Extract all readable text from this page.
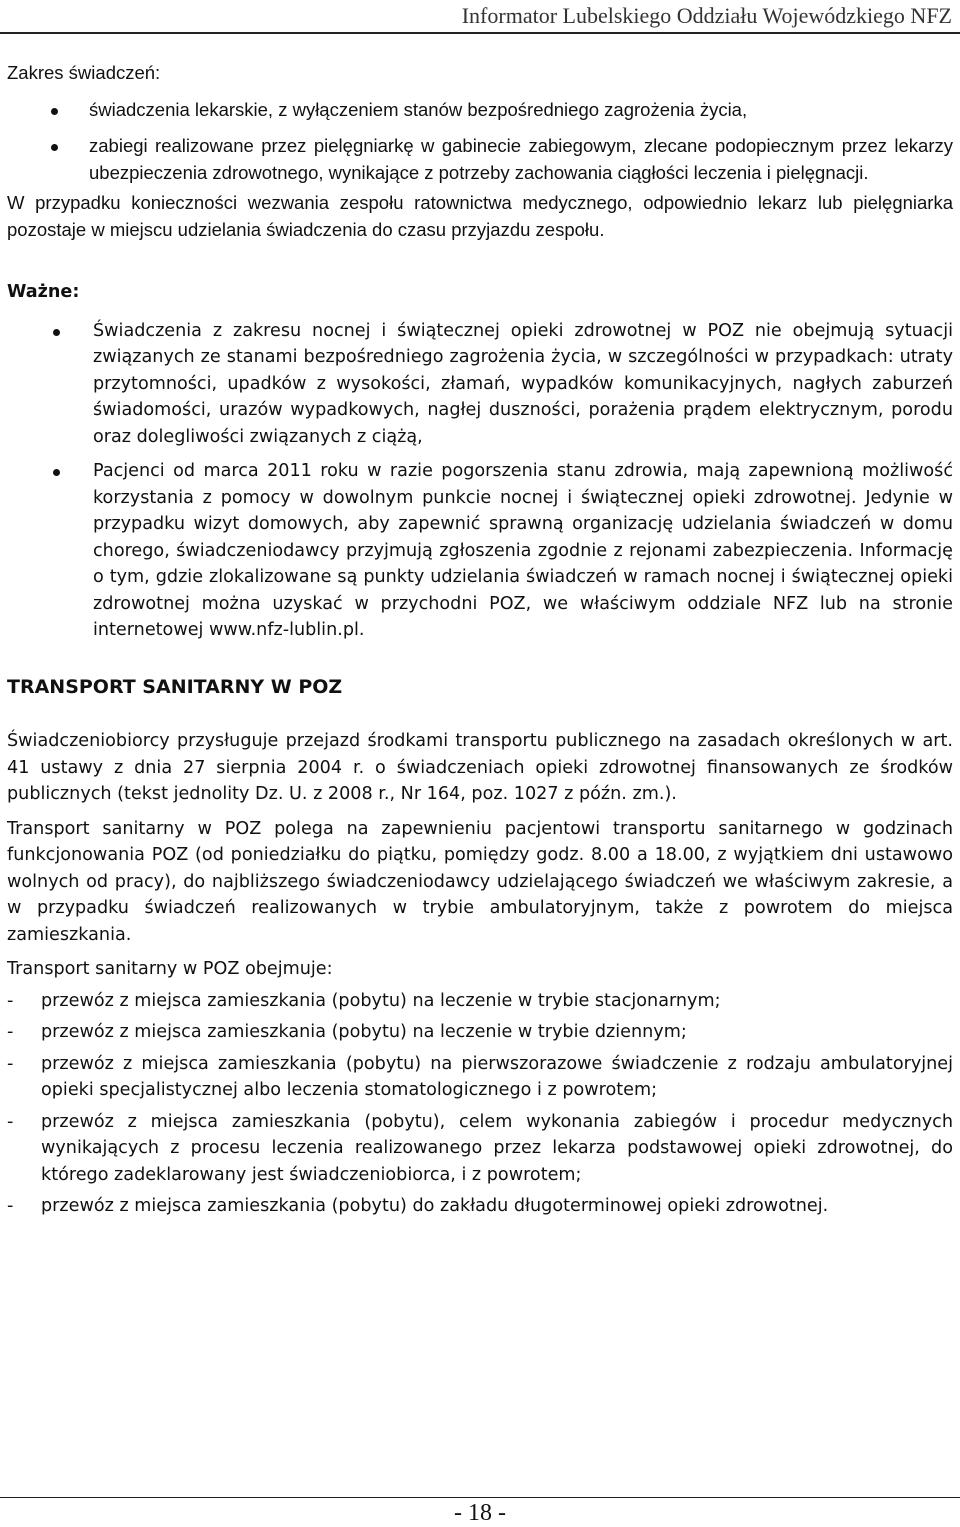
Informator Lubelskiego Oddziału Wojewódzkiego NFZ

Zakres świadczeń:

świadczenia lekarskie, z wyłączeniem stanów bezpośredniego zagrożenia życia,
zabiegi realizowane przez pielęgniarkę w gabinecie zabiegowym, zlecane podopiecznym przez lekarzy ubezpieczenia zdrowotnego, wynikające z potrzeby zachowania ciągłości leczenia i pielęgnacji.

W przypadku konieczności wezwania zespołu ratownictwa medycznego, odpowiednio lekarz lub pielęgniarka pozostaje w miejscu udzielania świadczenia do czasu przyjazdu zespołu.

Ważne:

Świadczenia z zakresu nocnej i świątecznej opieki zdrowotnej w POZ nie obejmują sytuacji związanych ze stanami bezpośredniego zagrożenia życia, w szczególności w przypadkach: utraty przytomności, upadków z wysokości, złamań, wypadków komunikacyjnych, nagłych zaburzeń świadomości, urazów wypadkowych, nagłej duszności, porażenia prądem elektrycznym, porodu oraz dolegliwości związanych z ciążą,
Pacjenci od marca 2011 roku w razie pogorszenia stanu zdrowia, mają zapewnioną możliwość korzystania z pomocy w dowolnym punkcie nocnej i świątecznej opieki zdrowotnej. Jedynie w przypadku wizyt domowych, aby zapewnić sprawną organizację udzielania świadczeń w domu chorego, świadczeniodawcy przyjmują zgłoszenia zgodnie z rejonami zabezpieczenia. Informację o tym, gdzie zlokalizowane są punkty udzielania świadczeń w ramach nocnej i świątecznej opieki zdrowotnej można uzyskać w przychodni POZ, we właściwym oddziale NFZ lub na stronie internetowej www.nfz-lublin.pl.

TRANSPORT SANITARNY W POZ

Świadczeniobiorcy przysługuje przejazd środkami transportu publicznego na zasadach określonych w art. 41 ustawy z dnia 27 sierpnia 2004 r. o świadczeniach opieki zdrowotnej finansowanych ze środków publicznych (tekst jednolity Dz. U. z 2008 r., Nr 164, poz. 1027 z późn. zm.).

Transport sanitarny w POZ polega na zapewnieniu pacjentowi transportu sanitarnego w godzinach funkcjonowania POZ (od poniedziałku do piątku, pomiędzy godz. 8.00 a 18.00, z wyjątkiem dni ustawowo wolnych od pracy), do najbliższego świadczeniodawcy udzielającego świadczeń we właściwym zakresie, a w przypadku świadczeń realizowanych w trybie ambulatoryjnym, także z powrotem do miejsca zamieszkania.

Transport sanitarny w POZ obejmuje:

- przewóz z miejsca zamieszkania (pobytu) na leczenie w trybie stacjonarnym;
- przewóz z miejsca zamieszkania (pobytu) na leczenie w trybie dziennym;
- przewóz z miejsca zamieszkania (pobytu) na pierwszorazowe świadczenie z rodzaju ambulatoryjnej opieki specjalistycznej albo leczenia stomatologicznego i z powrotem;
- przewóz z miejsca zamieszkania (pobytu), celem wykonania zabiegów i procedur medycznych wynikających z procesu leczenia realizowanego przez lekarza podstawowej opieki zdrowotnej, do którego zadeklarowany jest świadczeniobiorca, i z powrotem;
- przewóz z miejsca zamieszkania (pobytu) do zakładu długoterminowej opieki zdrowotnej.
- 18 -
